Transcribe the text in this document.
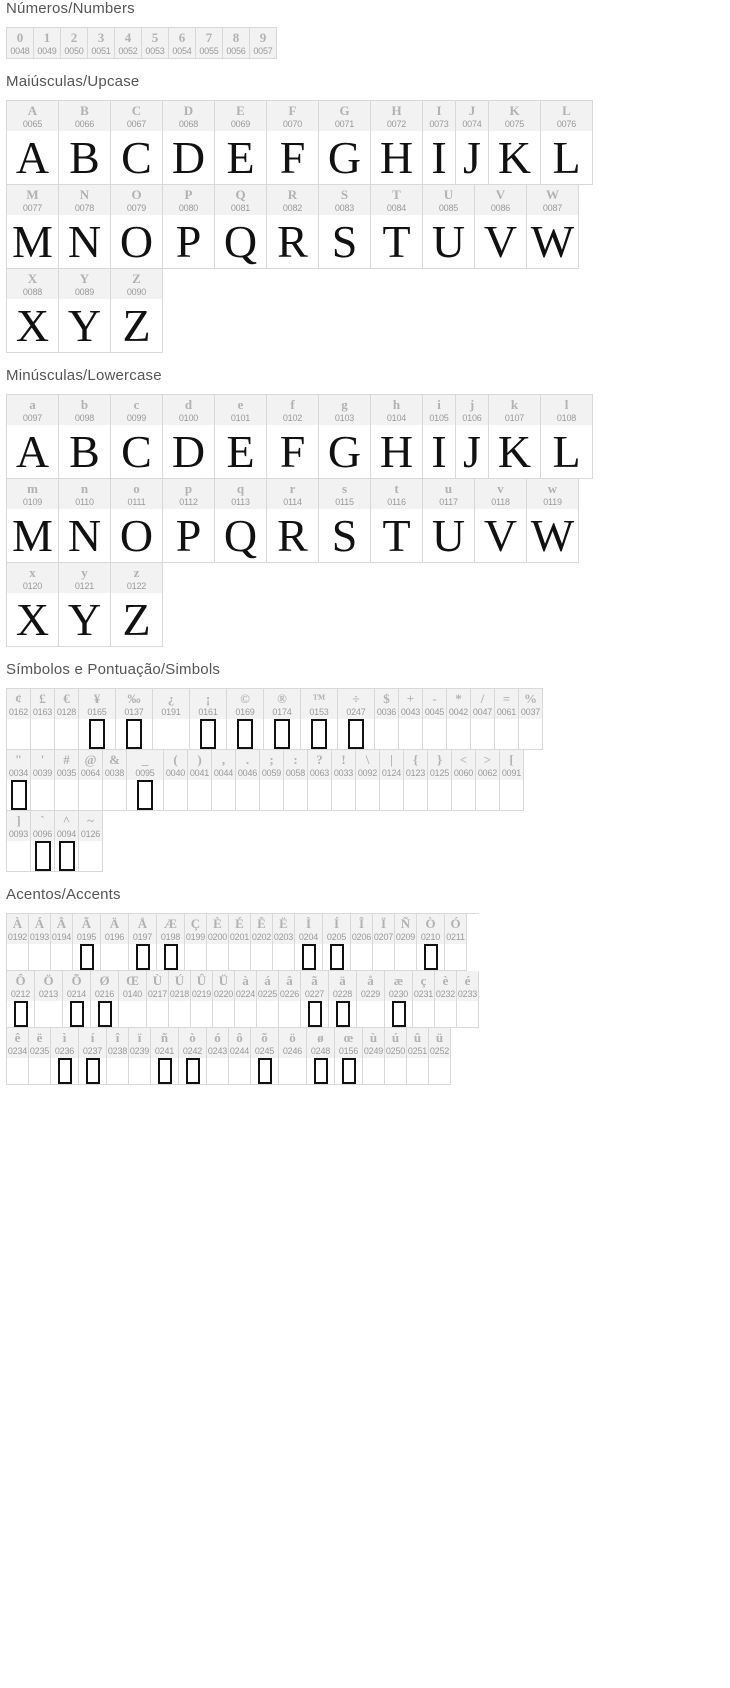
Números/Numbers
0
0048
1
0049
2
0050
3
0051
4
0052
5
0053
6
0054
7
0055
8
0056
9
0057
Maiúsculas/Upcase
A
0065
A
B
0066
B
C
0067
C
D
0068
D
E
0069
E
F
0070
F
G
0071
G
H
0072
H
I
0073
I
J
0074
J
K
0075
K
L
0076
L
M
0077
M
N
0078
N
O
0079
O
P
0080
P
Q
0081
Q
R
0082
R
S
0083
S
T
0084
T
U
0085
U
V
0086
V
W
0087
W
X
0088
X
Y
0089
Y
Z
0090
Z
Minúsculas/Lowercase
a
0097
A
b
0098
B
c
0099
C
d
0100
D
e
0101
E
f
0102
F
g
0103
G
h
0104
H
i
0105
I
j
0106
J
k
0107
K
l
0108
L
m
0109
M
n
0110
N
o
0111
O
p
0112
P
q
0113
Q
r
0114
R
s
0115
S
t
0116
T
u
0117
U
v
0118
V
w
0119
W
x
0120
X
y
0121
Y
z
0122
Z
Símbolos e Pontuação/Simbols
¢
0162
£
0163
€
0128
¥
0165
‰
0137
¿
0191
¡
0161
©
0169
®
0174
™
0153
÷
0247
$
0036
+
0043
-
0045
*
0042
/
0047
=
0061
%
0037
"
0034
'
0039
#
0035
@
0064
&
0038
_
0095
(
0040
)
0041
,
0044
.
0046
;
0059
:
0058
?
0063
!
0033
\
0092
|
0124
{
0123
}
0125
<
0060
>
0062
[
0091
]
0093
`
0096
^
0094
~
0126
Acentos/Accents
À
0192
Á
0193
Â
0194
Ã
0195
Ä
0196
Å
0197
Æ
0198
Ç
0199
È
0200
É
0201
Ê
0202
Ë
0203
Ì
0204
Í
0205
Î
0206
Ï
0207
Ñ
0209
Ò
0210
Ó
0211
Ô
0212
Ö
0213
Õ
0214
Ø
0216
Œ
0140
Ù
0217
Ú
0218
Û
0219
Ü
0220
à
0224
á
0225
â
0226
ã
0227
ä
0228
å
0229
æ
0230
ç
0231
è
0232
é
0233
ê
0234
ë
0235
ì
0236
í
0237
î
0238
ï
0239
ñ
0241
ò
0242
ó
0243
ô
0244
õ
0245
ö
0246
ø
0248
œ
0156
ù
0249
ú
0250
û
0251
ü
0252
